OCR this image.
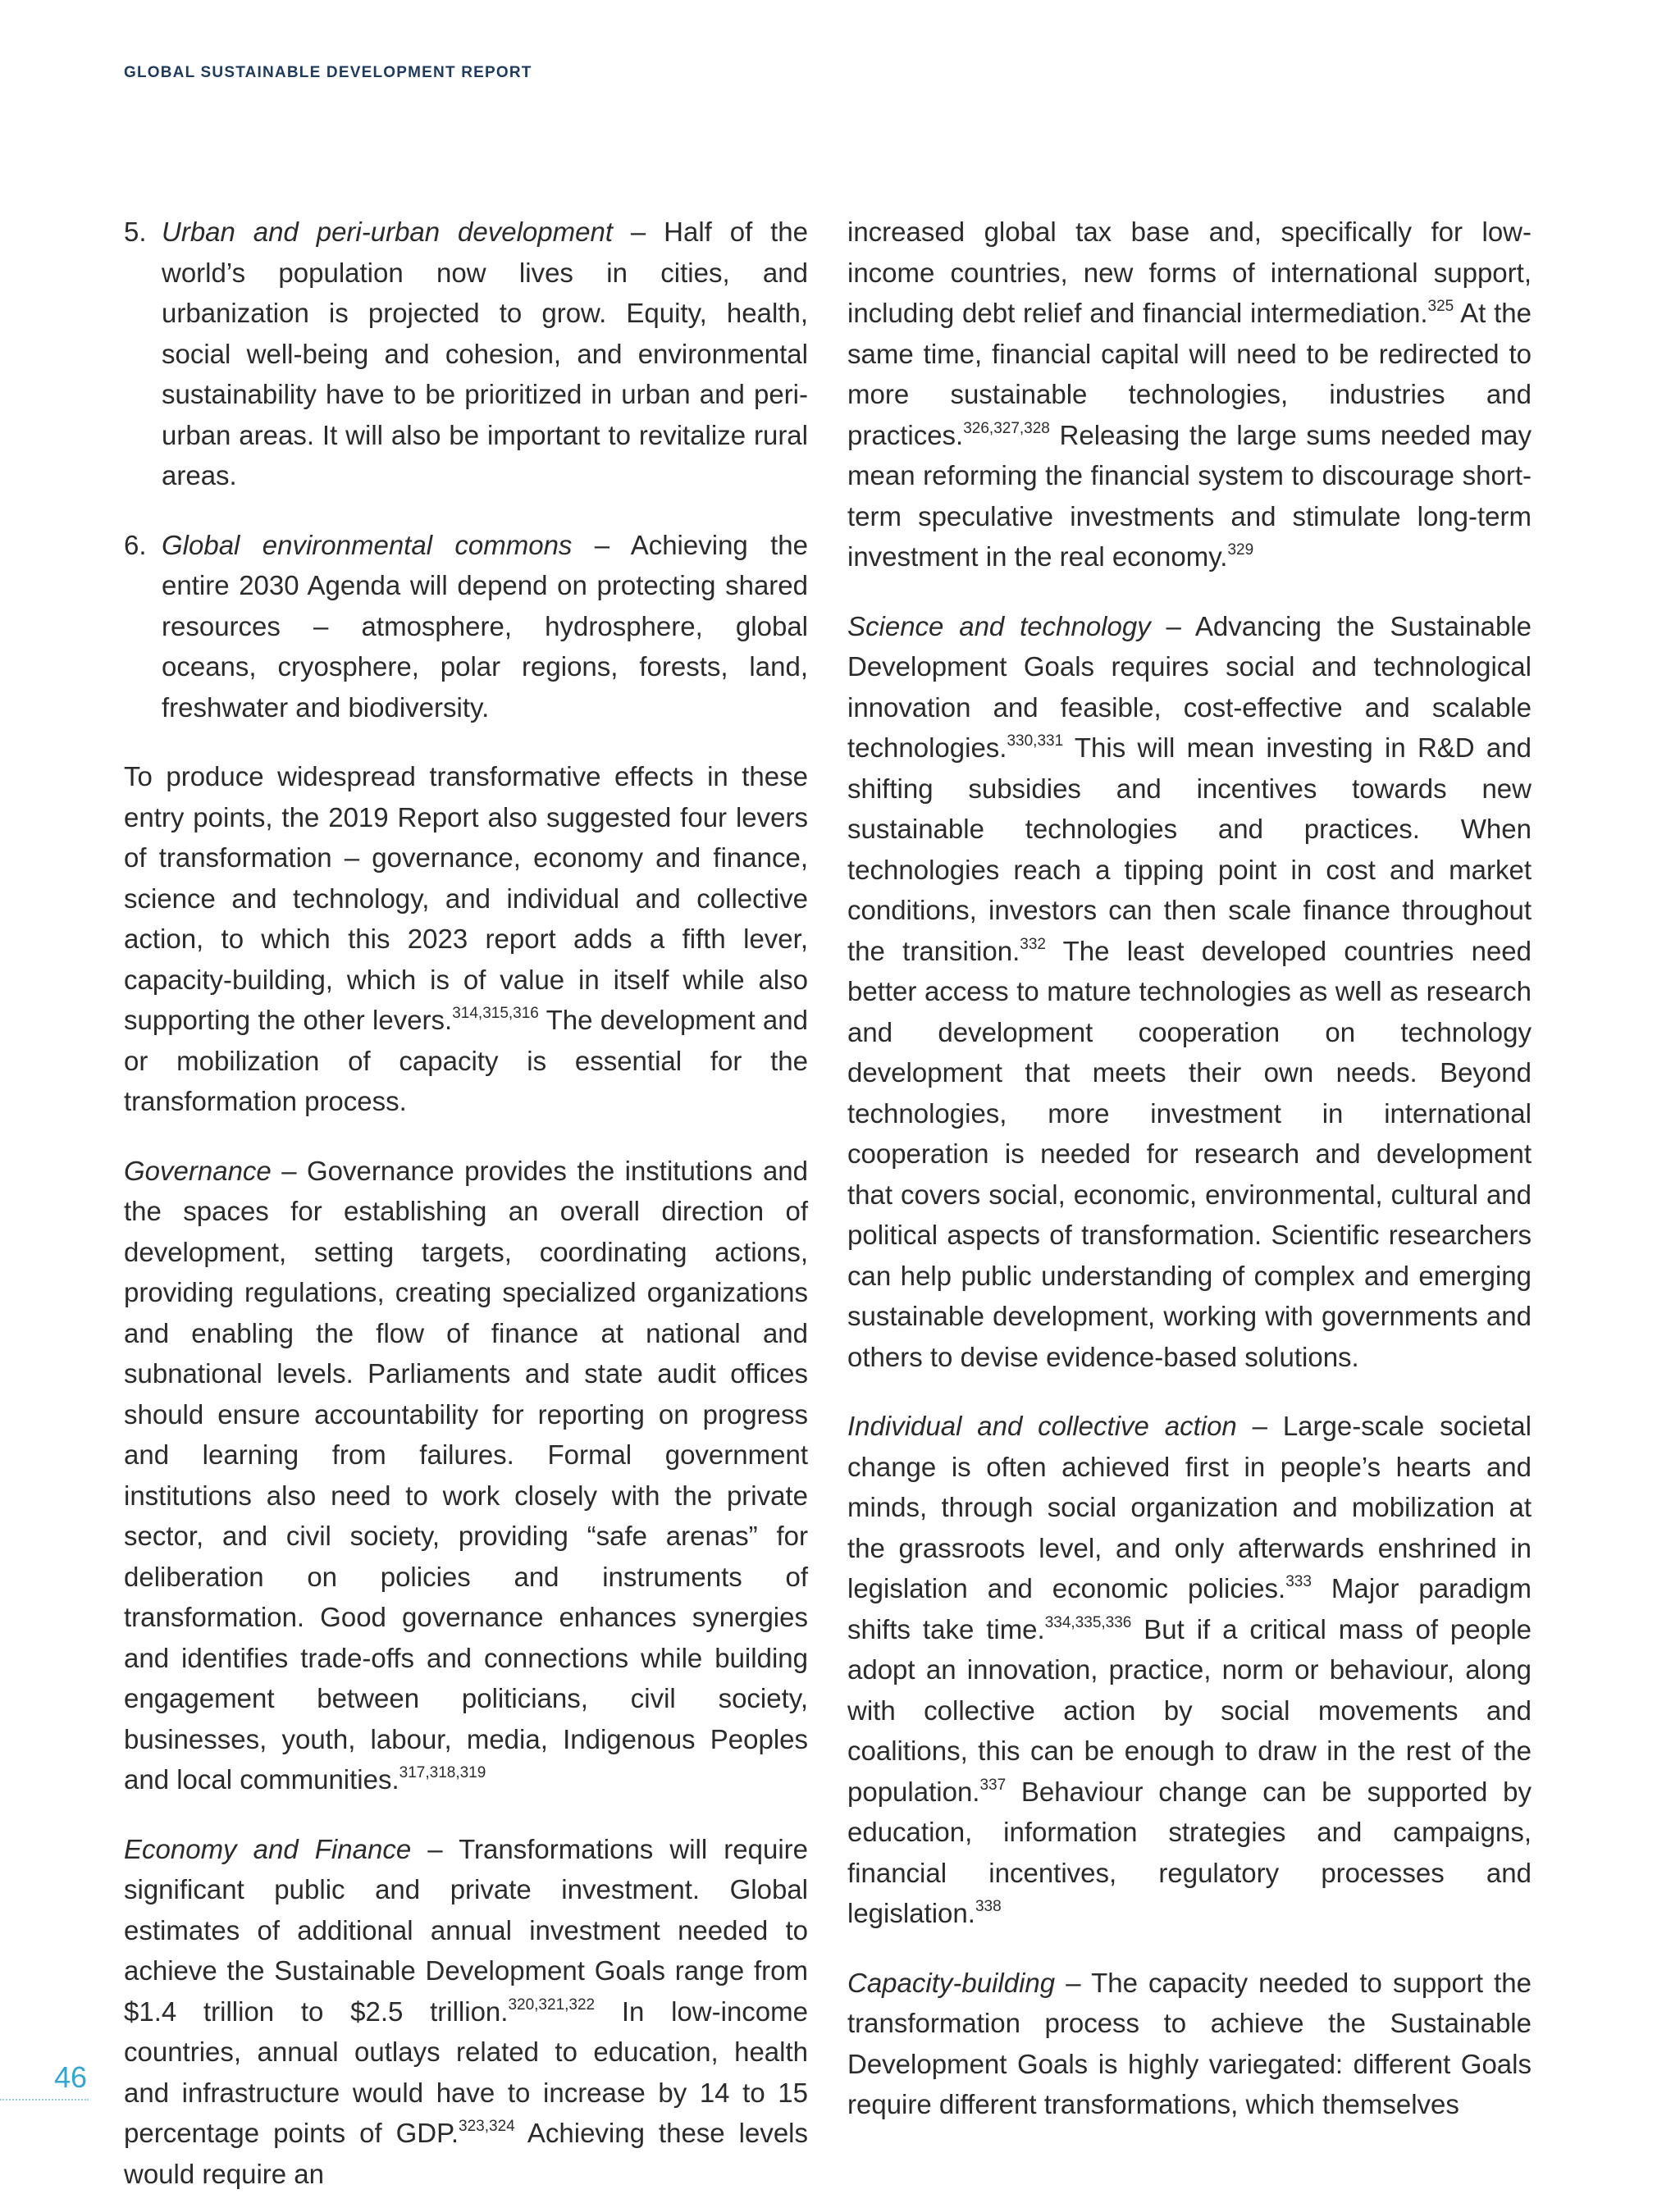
GLOBAL SUSTAINABLE DEVELOPMENT REPORT
5. Urban and peri-urban development – Half of the world’s population now lives in cities, and urbanization is projected to grow. Equity, health, social well-being and cohesion, and environmental sustainability have to be prioritized in urban and peri-urban areas. It will also be important to revitalize rural areas.
6. Global environmental commons – Achieving the entire 2030 Agenda will depend on protecting shared resources – atmosphere, hydrosphere, global oceans, cryosphere, polar regions, forests, land, freshwater and biodiversity.

To produce widespread transformative effects in these entry points, the 2019 Report also suggested four levers of transformation – governance, economy and finance, science and technology, and individual and collective action, to which this 2023 report adds a fifth lever, capacity-building, which is of value in itself while also supporting the other levers.$^{314,315,316}$ The development and or mobilization of capacity is essential for the transformation process.

Governance – Governance provides the institutions and the spaces for establishing an overall direction of development, setting targets, coordinating actions, providing regulations, creating specialized organizations and enabling the flow of finance at national and subnational levels. Parliaments and state audit offices should ensure accountability for reporting on progress and learning from failures. Formal government institutions also need to work closely with the private sector, and civil society, providing “safe arenas” for deliberation on policies and instruments of transformation. Good governance enhances synergies and identifies trade-offs and connections while building engagement between politicians, civil society, businesses, youth, labour, media, Indigenous Peoples and local communities.$^{317,318,319}$

Economy and Finance – Transformations will require significant public and private investment. Global estimates of additional annual investment needed to achieve the Sustainable Development Goals range from $1.4 trillion to $2.5 trillion.$^{320,321,322}$ In low-income countries, annual outlays related to education, health and infrastructure would have to increase by 14 to 15 percentage points of GDP.$^{323,324}$ Achieving these levels would require an

increased global tax base and, specifically for low-income countries, new forms of international support, including debt relief and financial intermediation.$^{325}$ At the same time, financial capital will need to be redirected to more sustainable technologies, industries and practices.$^{326,327,328}$ Releasing the large sums needed may mean reforming the financial system to discourage short-term speculative investments and stimulate long-term investment in the real economy.$^{329}$

Science and technology – Advancing the Sustainable Development Goals requires social and technological innovation and feasible, cost-effective and scalable technologies.$^{330,331}$ This will mean investing in R&D and shifting subsidies and incentives towards new sustainable technologies and practices. When technologies reach a tipping point in cost and market conditions, investors can then scale finance throughout the transition.$^{332}$ The least developed countries need better access to mature technologies as well as research and development cooperation on technology development that meets their own needs. Beyond technologies, more investment in international cooperation is needed for research and development that covers social, economic, environmental, cultural and political aspects of transformation. Scientific researchers can help public understanding of complex and emerging sustainable development, working with governments and others to devise evidence-based solutions.

Individual and collective action – Large-scale societal change is often achieved first in people’s hearts and minds, through social organization and mobilization at the grassroots level, and only afterwards enshrined in legislation and economic policies.$^{333}$ Major paradigm shifts take time.$^{334,335,336}$ But if a critical mass of people adopt an innovation, practice, norm or behaviour, along with collective action by social movements and coalitions, this can be enough to draw in the rest of the population.$^{337}$ Behaviour change can be supported by education, information strategies and campaigns, financial incentives, regulatory processes and legislation.$^{338}$

Capacity-building – The capacity needed to support the transformation process to achieve the Sustainable Development Goals is highly variegated: different Goals require different transformations, which themselves

46
